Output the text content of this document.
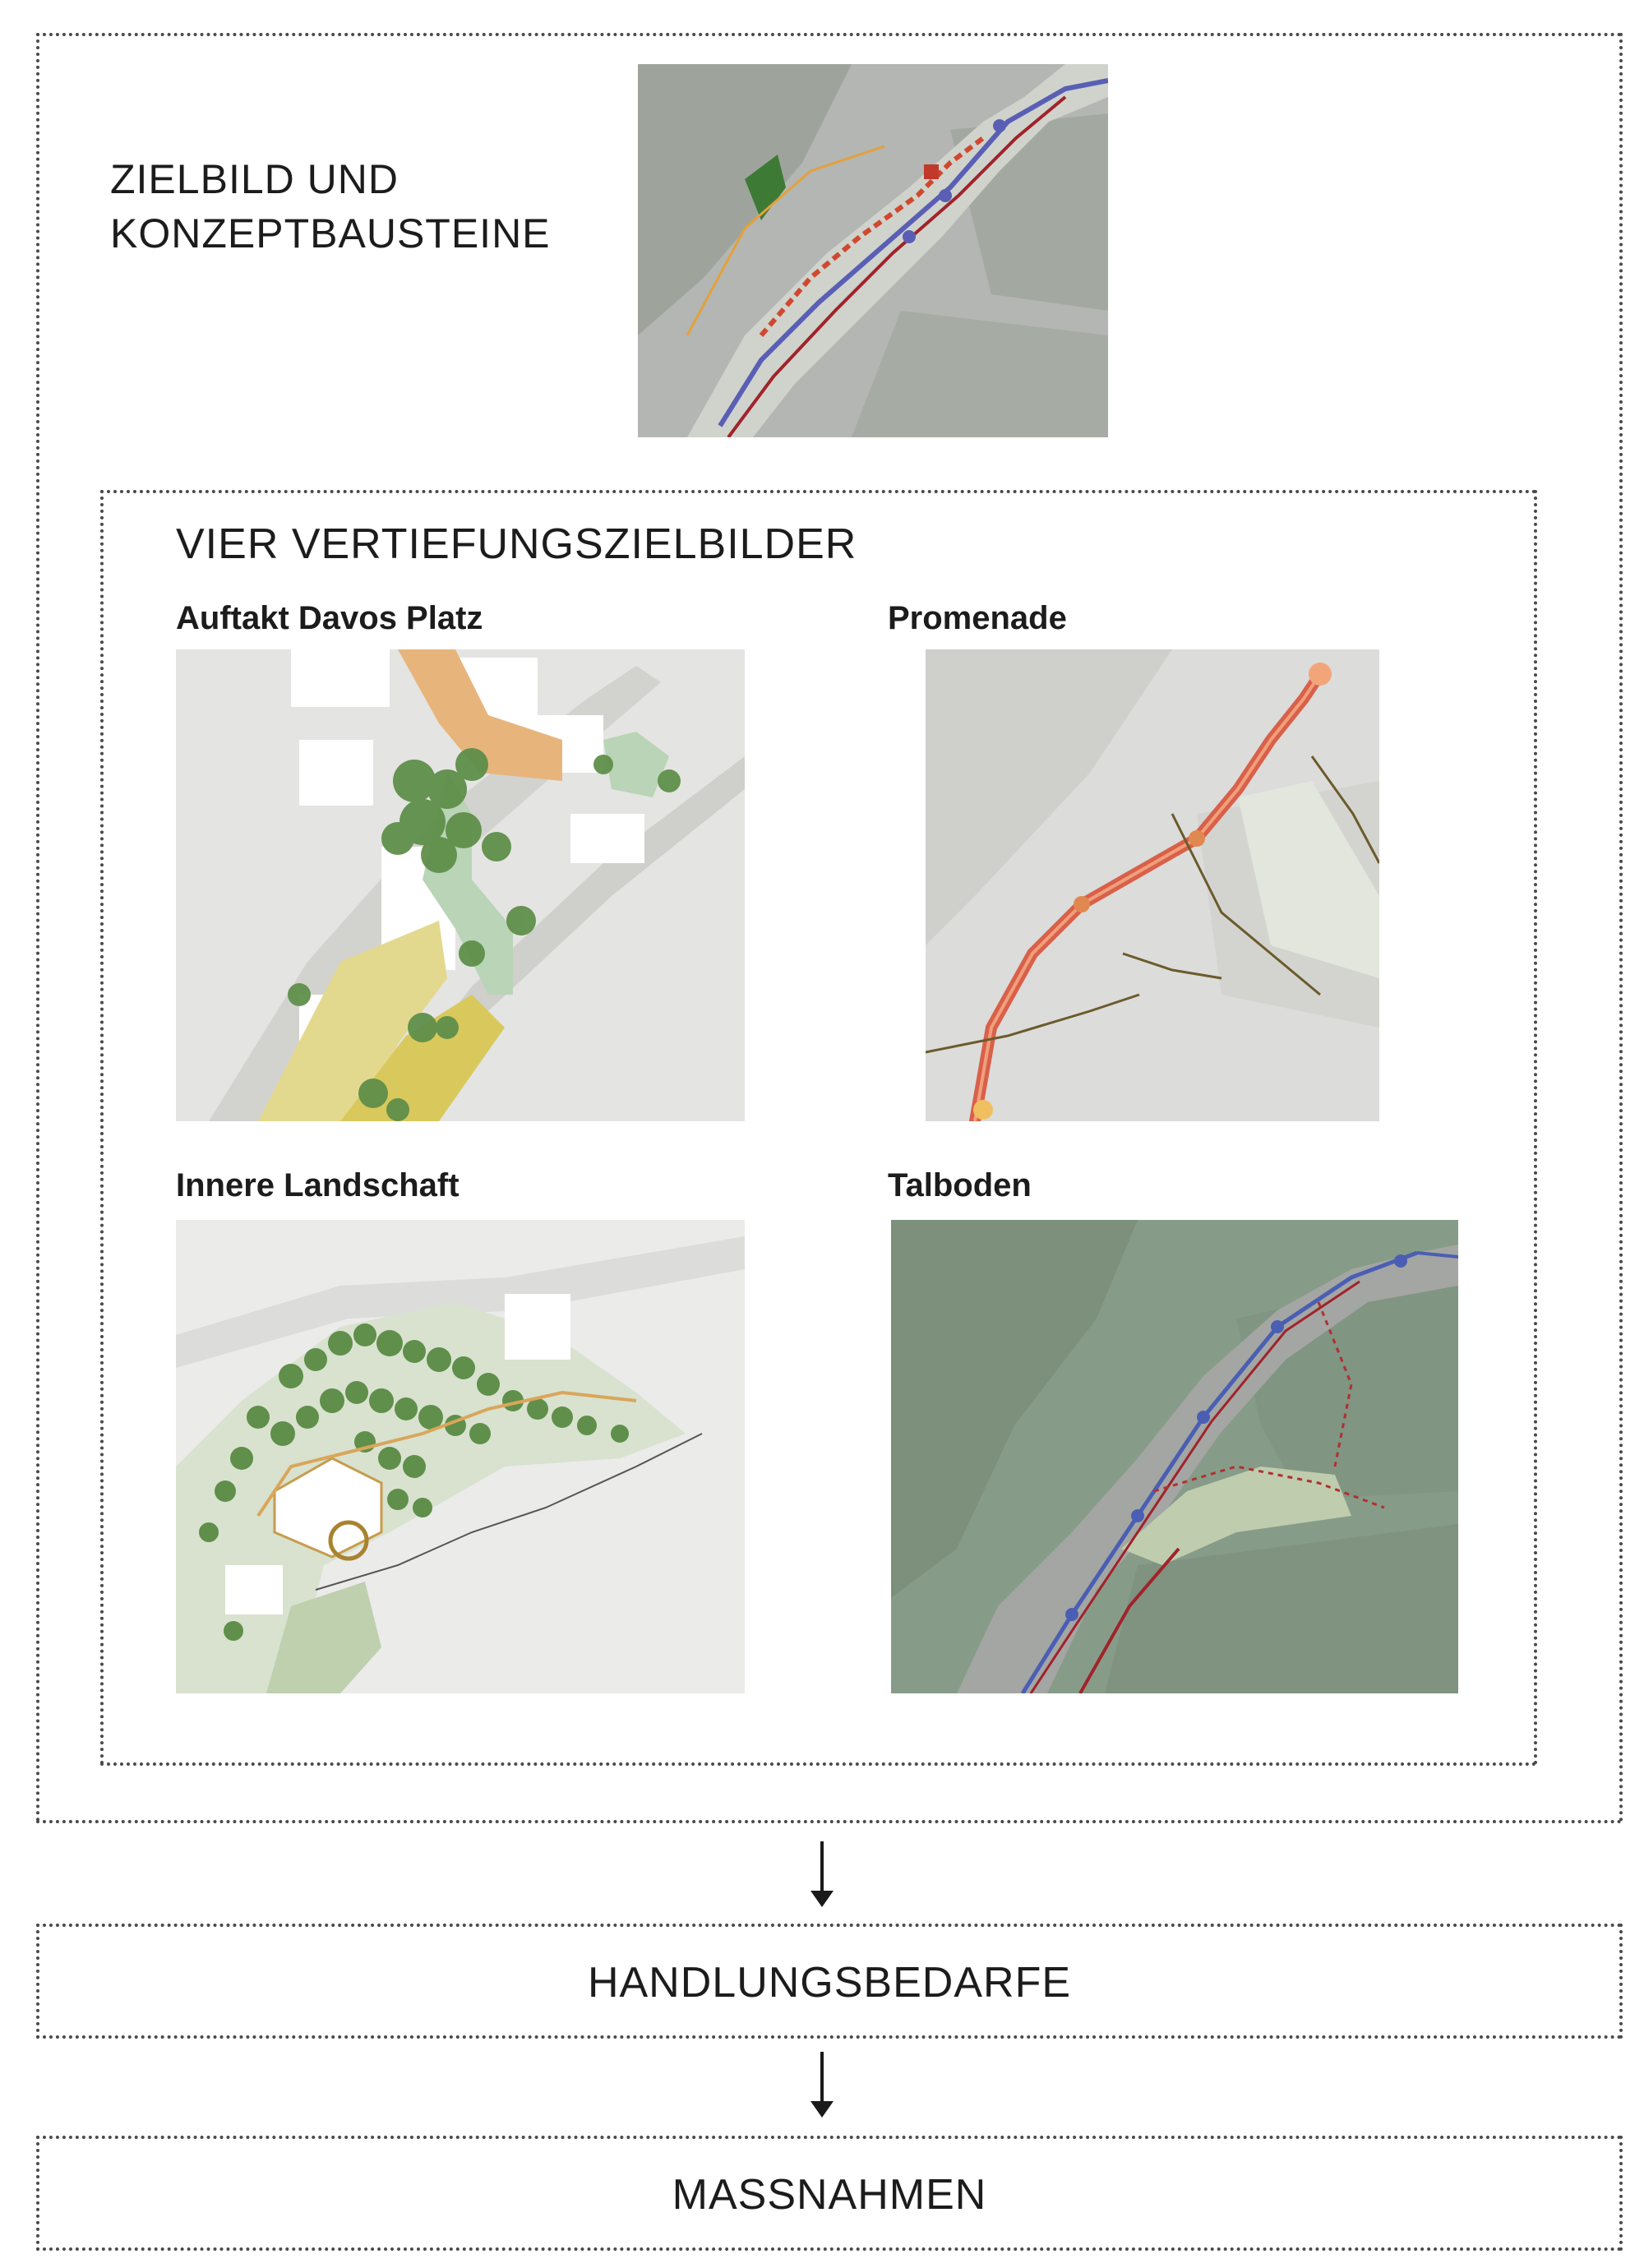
ZIELBILD UND
KONZEPTBAUSTEINE
VIER VERTIEFUNGSZIELBILDER
Auftakt Davos Platz	Promenade
Innere Landschaft	Talboden

HANDLUNGSBEDARFE

MASSNAHMEN
